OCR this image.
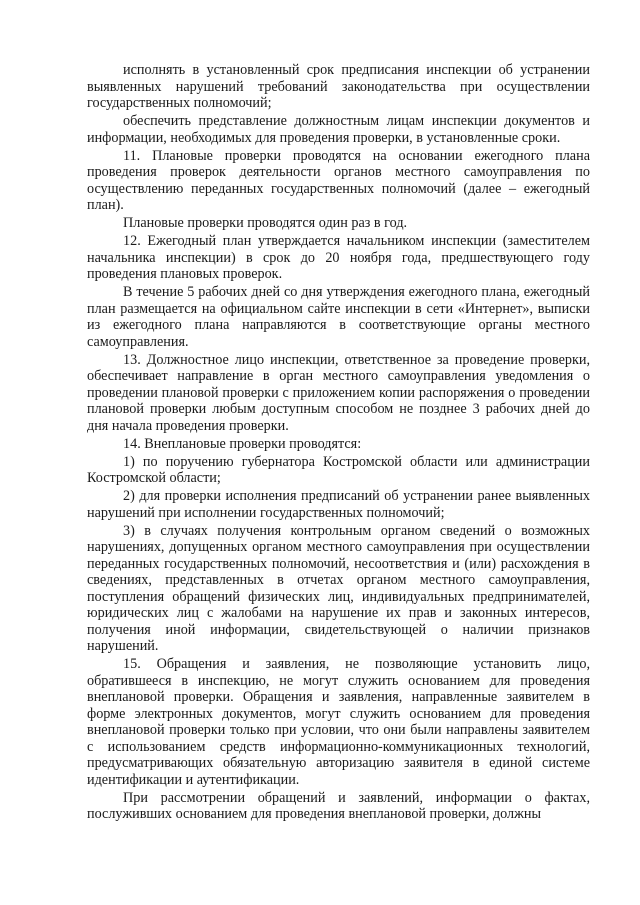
исполнять в установленный срок предписания инспекции об устранении выявленных нарушений требований законодательства при осуществлении государственных полномочий;

обеспечить представление должностным лицам инспекции документов и информации, необходимых для проведения проверки, в установленные сроки.

11. Плановые проверки проводятся на основании ежегодного плана проведения проверок деятельности органов местного самоуправления по осуществлению переданных государственных полномочий (далее – ежегодный план).

Плановые проверки проводятся один раз в год.

12. Ежегодный план утверждается начальником инспекции (заместителем начальника инспекции) в срок до 20 ноября года, предшествующего году проведения плановых проверок.

В течение 5 рабочих дней со дня утверждения ежегодного плана, ежегодный план размещается на официальном сайте инспекции в сети «Интернет», выписки из ежегодного плана направляются в соответствующие органы местного самоуправления.

13. Должностное лицо инспекции, ответственное за проведение проверки, обеспечивает направление в орган местного самоуправления уведомления о проведении плановой проверки с приложением копии распоряжения о проведении плановой проверки любым доступным способом не позднее 3 рабочих дней до дня начала проведения проверки.

14. Внеплановые проверки проводятся:

1) по поручению губернатора Костромской области или администрации Костромской области;

2) для проверки исполнения предписаний об устранении ранее выявленных нарушений при исполнении государственных полномочий;

3) в случаях получения контрольным органом сведений о возможных нарушениях, допущенных органом местного самоуправления при осуществлении переданных государственных полномочий, несоответствия и (или) расхождения в сведениях, представленных в отчетах органом местного самоуправления, поступления обращений физических лиц, индивидуальных предпринимателей, юридических лиц с жалобами на нарушение их прав и законных интересов, получения иной информации, свидетельствующей о наличии признаков нарушений.

15. Обращения и заявления, не позволяющие установить лицо, обратившееся в инспекцию, не могут служить основанием для проведения внеплановой проверки. Обращения и заявления, направленные заявителем в форме электронных документов, могут служить основанием для проведения внеплановой проверки только при условии, что они были направлены заявителем с использованием средств информационно-коммуникационных технологий, предусматривающих обязательную авторизацию заявителя в единой системе идентификации и аутентификации.

При рассмотрении обращений и заявлений, информации о фактах, послуживших основанием для проведения внеплановой проверки, должны
